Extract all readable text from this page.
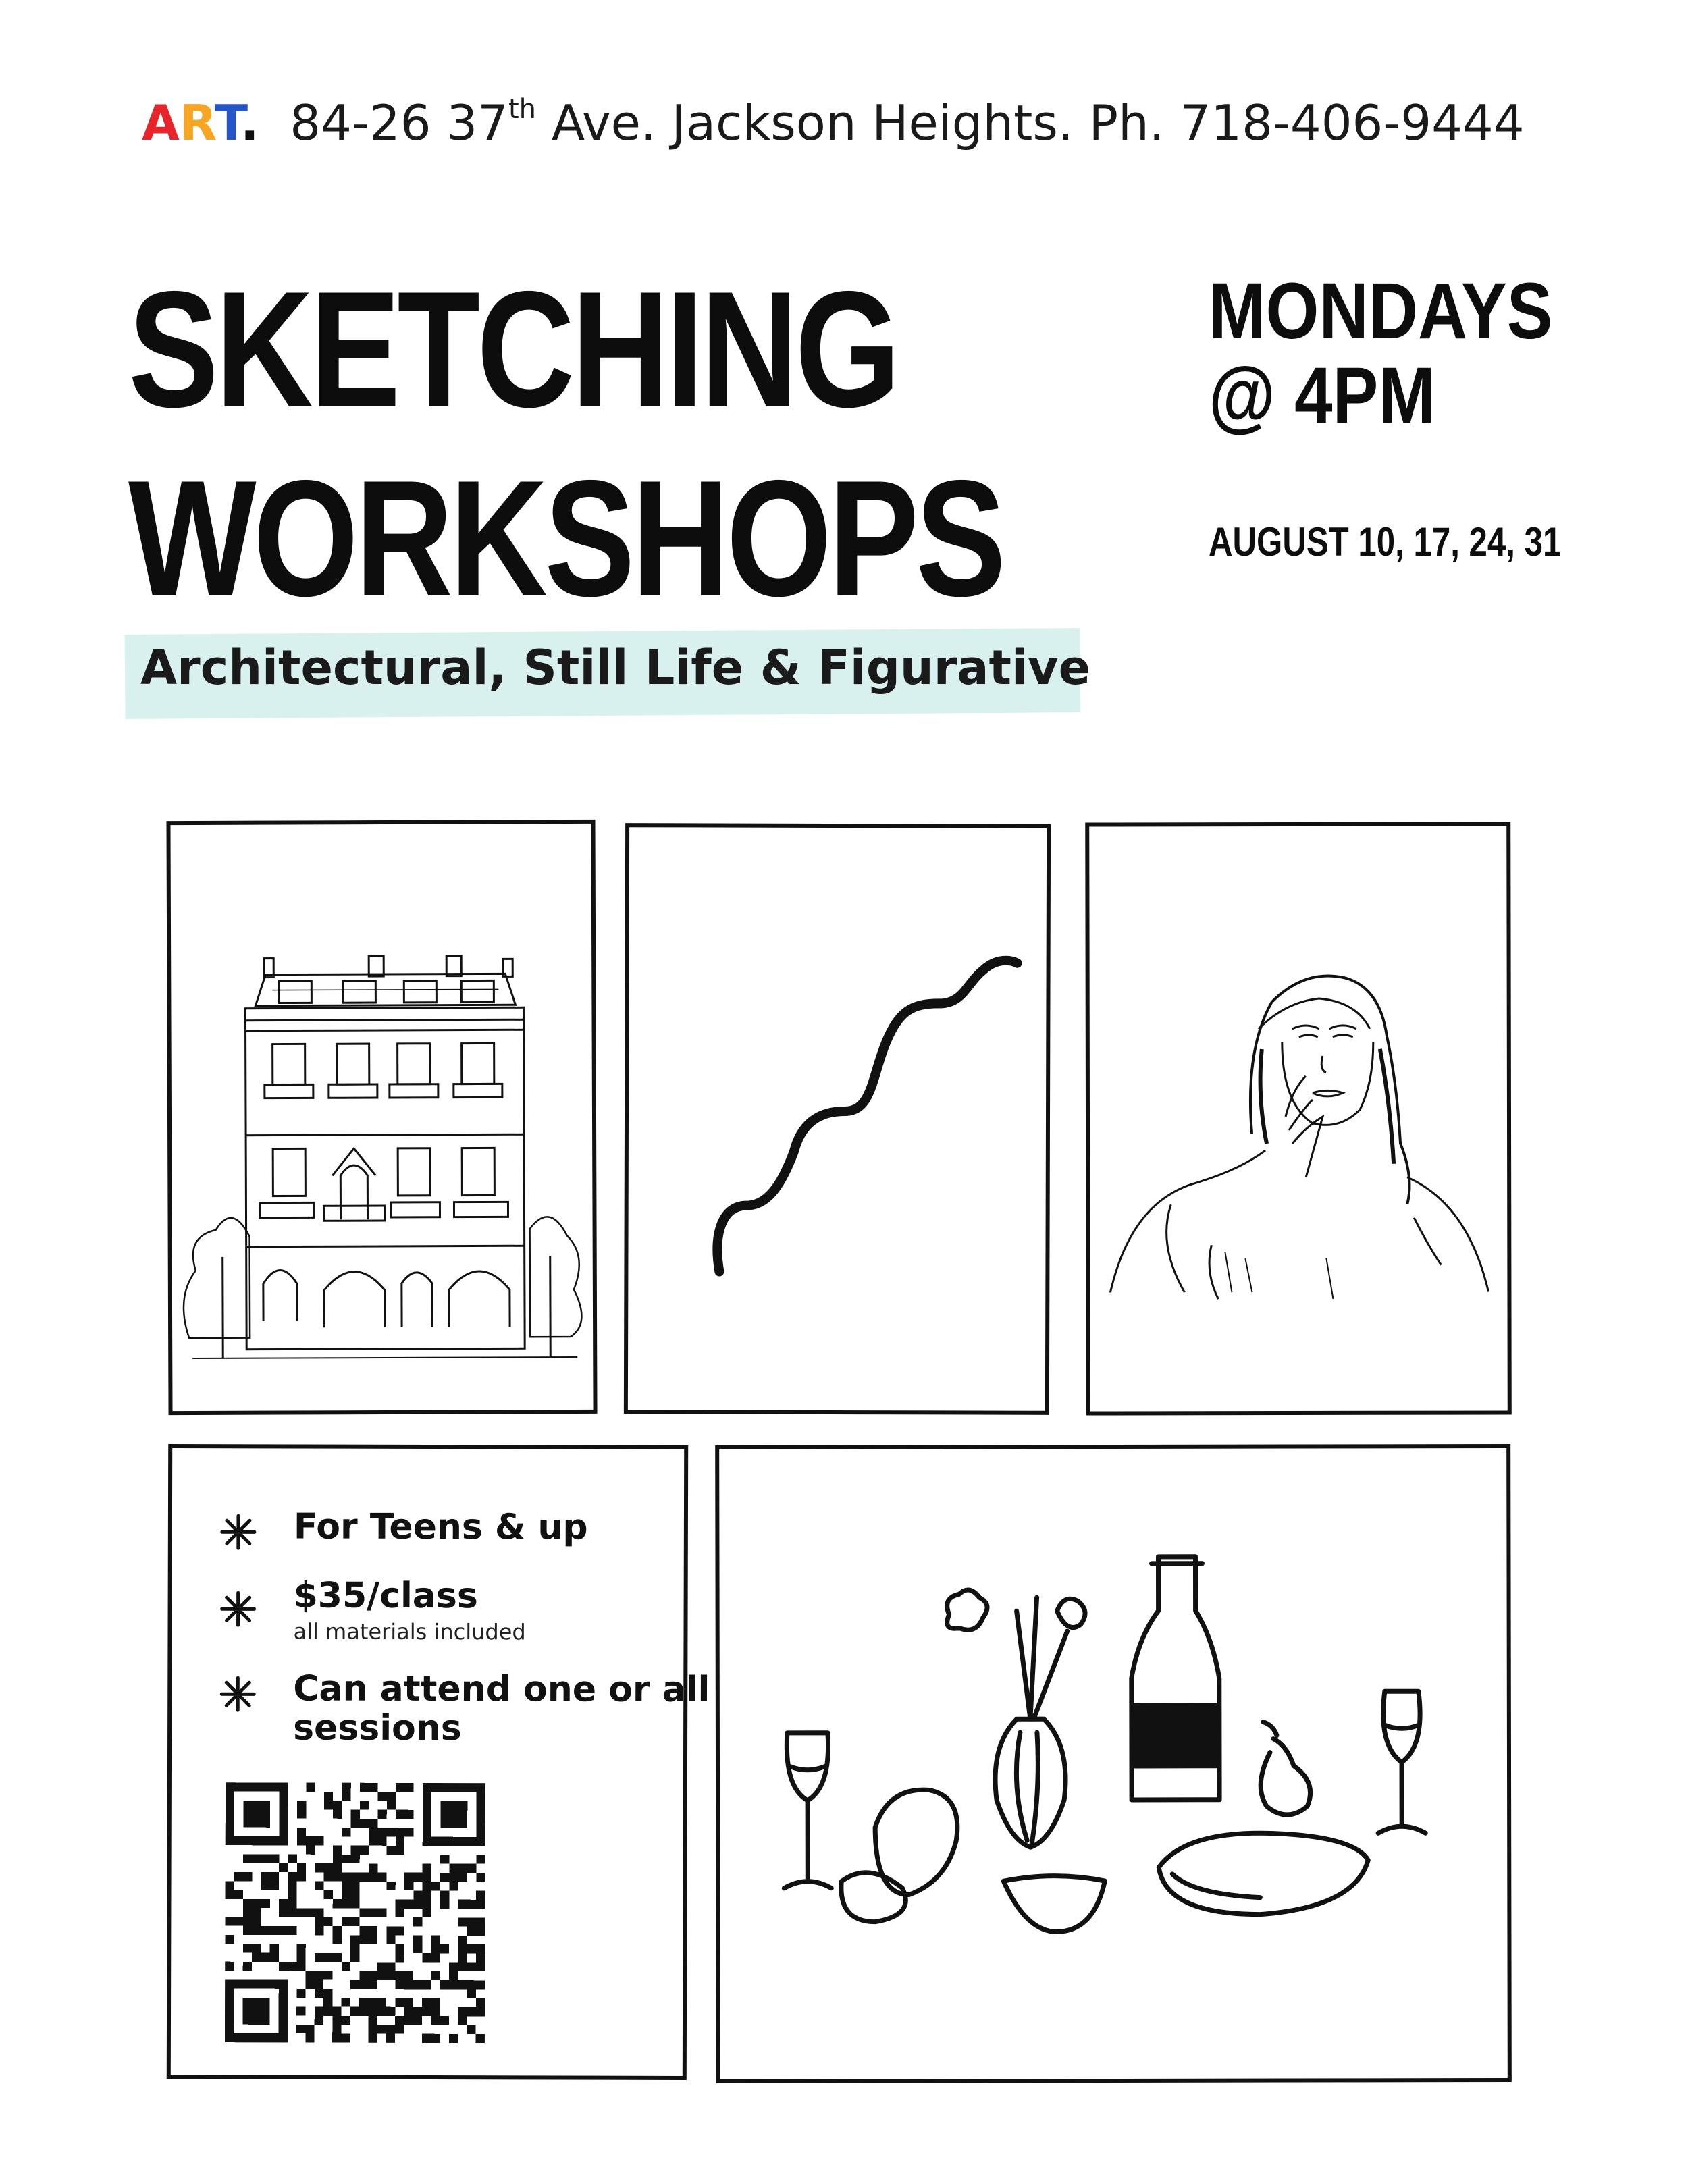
ART. 84-26 37th Ave. Jackson Heights. Ph. 718-406-9444
SKETCHING
WORKSHOPS
MONDAYS
@ 4PM
AUGUST 10, 17, 24, 31
Architectural, Still Life & Figurative
For Teens & up
$35/class
all materials included
Can attend one or all
sessions
